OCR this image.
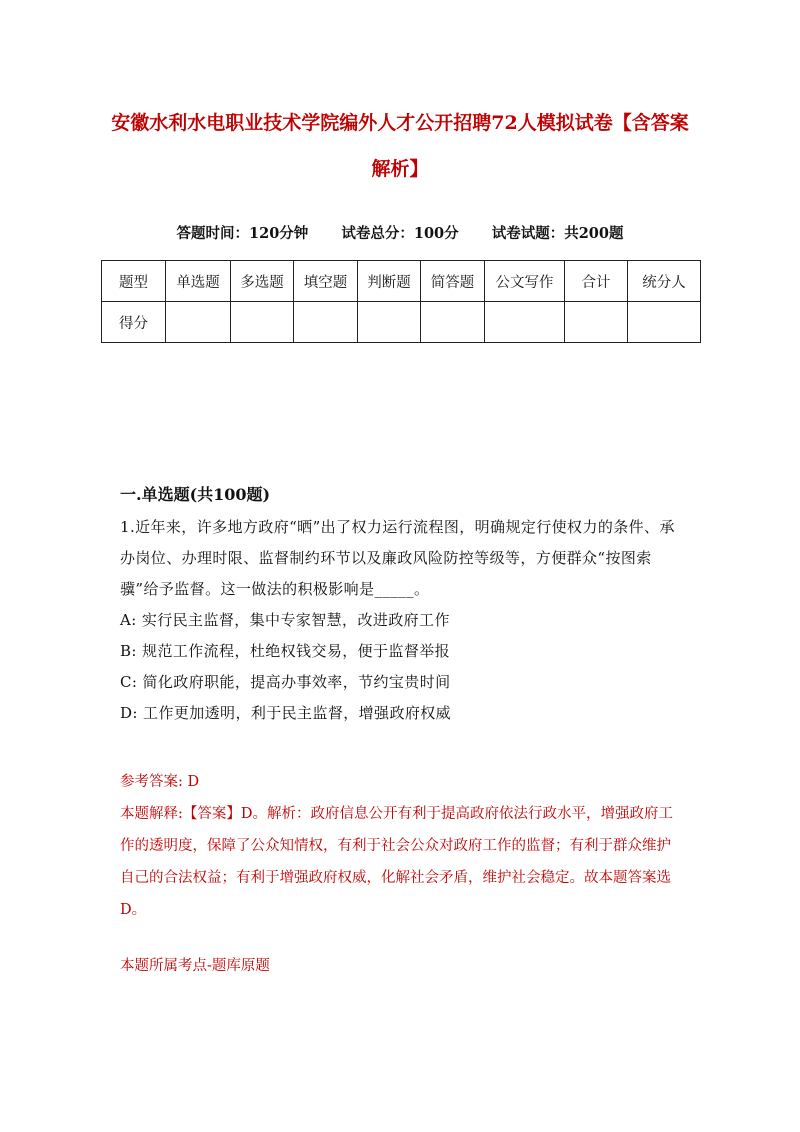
安徽水利水电职业技术学院编外人才公开招聘72人模拟试卷【含答案解析】
答题时间：120分钟 试卷总分：100分 试卷试题：共200题
题型	单选题	多选题	填空题	判断题	简答题	公文写作	合计	统分人
得分								
一.单选题(共100题)

1.近年来，许多地方政府“晒”出了权力运行流程图，明确规定行使权力的条件、承办岗位、办理时限、监督制约环节以及廉政风险防控等级等，方便群众“按图索骥”给予监督。这一做法的积极影响是_____。

A: 实行民主监督，集中专家智慧，改进政府工作

B: 规范工作流程，杜绝权钱交易，便于监督举报

C: 简化政府职能，提高办事效率，节约宝贵时间

D: 工作更加透明，利于民主监督，增强政府权威

参考答案: D

本题解释:【答案】D。解析：政府信息公开有利于提高政府依法行政水平，增强政府工作的透明度，保障了公众知情权，有利于社会公众对政府工作的监督；有利于群众维护自己的合法权益；有利于增强政府权威，化解社会矛盾，维护社会稳定。故本题答案选D。

本题所属考点-题库原题
